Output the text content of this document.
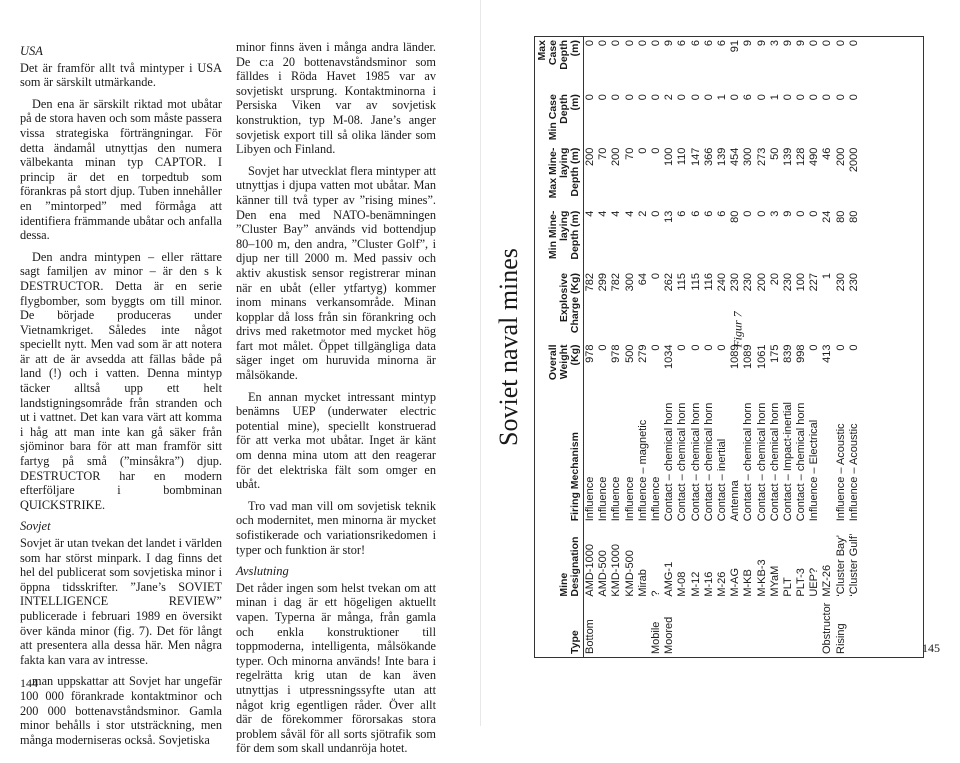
USA

Det är framför allt två mintyper i USA som är särskilt utmärkande.

Den ena är särskilt riktad mot ubåtar på de stora haven och som måste passera vissa strategiska förträngningar. För detta ändamål utnyttjas den numera välbekanta minan typ CAPTOR. I princip är det en torpedtub som förankras på stort djup. Tuben innehåller en ”mintorped” med förmåga att identifiera främmande ubåtar och anfalla dessa.

Den andra mintypen – eller rättare sagt familjen av minor – är den s k DESTRUCTOR. Detta är en serie flygbomber, som byggts om till minor. De började produceras under Vietnamkriget. Således inte något speciellt nytt. Men vad som är att notera är att de är avsedda att fällas både på land (!) och i vatten. Denna mintyp täcker alltså upp ett helt landstigningsområde från stranden och ut i vattnet. Det kan vara värt att komma i håg att man inte kan gå säker från sjöminor bara för att man framför sitt fartyg på små (”minsåkra”) djup. DESTRUCTOR har en modern efterföljare i bombminan QUICKSTRIKE.

Sovjet

Sovjet är utan tvekan det landet i världen som har störst minpark. I dag finns det hel del publicerat som sovjetiska minor i öppna tidsskrifter. ”Jane’s SOVIET INTELLIGENCE REVIEW” publicerade i februari 1989 en översikt över kända minor (fig. 7). Det för långt att presentera alla dessa här. Men några fakta kan vara av intresse.

man uppskattar att Sovjet har ungefär 100 000 förankrade kontaktminor och 200 000 bottenavståndsminor. Gamla minor behålls i stor utsträckning, men många moderniseras också. Sovjetiska

144

minor finns även i många andra länder. De c:a 20 bottenavståndsminor som fälldes i Röda Havet 1985 var av sovjetiskt ursprung. Kontaktminorna i Persiska Viken var av sovjetisk konstruktion, typ M-08. Jane’s anger sovjetisk export till så olika länder som Libyen och Finland.

Sovjet har utvecklat flera mintyper att utnyttjas i djupa vatten mot ubåtar. Man känner till två typer av ”rising mines”. Den ena med NATO-benämningen ”Cluster Bay” används vid bottendjup 80–100 m, den andra, ”Cluster Golf”, i djup ner till 2000 m. Med passiv och aktiv akustisk sensor registrerar minan när en ubåt (eller ytfartyg) kommer inom minans verkansområde. Minan kopplar då loss från sin förankring och drivs med raketmotor med mycket hög fart mot målet. Öppet tillgängliga data säger inget om huruvida minorna är målsökande.

En annan mycket intressant mintyp benämns UEP (underwater electric potential mine), speciellt konstruerad för att verka mot ubåtar. Inget är känt om denna mina utom att den reagerar för det elektriska fält som omger en ubåt.

Tro vad man vill om sovjetisk teknik och modernitet, men minorna är mycket sofistikerade och variationsrikedomen i typer och funktion är stor!

Avslutning

Det råder ingen som helst tvekan om att minan i dag är ett högeligen aktuellt vapen. Typerna är många, från gamla och enkla konstruktioner till toppmoderna, intelligenta, målsökande typer. Och minorna används! Inte bara i regelrätta krig utan de kan även utnyttjas i utpressningssyfte utan att något krig egentligen råder. Över allt där de förekommer förorsakas stora problem såväl för all sorts sjötrafik som för dem som skall undanröja hotet.

Soviet naval mines
Type	Mine Designation	Firing Mechanism	Overall Weight (Kg)	Explosive Charge (Kg)	Min Mine-laying Depth (m)	Max Mine-laying Depth (m)	Min Case Depth (m)	Max Case Depth (m)
Bottom	AMD-1000	Influence	978	782	4	200	0	0
	AMD-500	Influence	0	299	4	70	0	0
	KMD-1000	Influence	978	782	4	200	0	0
	KMD-500	Influence	500	300	4	70	0	0
	Mirab	Influence – magnetic	279	64	2	0	0	0
Mobile	?	Influence	0	0	0	0	0	0
Moored	AMG-1	Contact – chemical horn	1034	262	13	100	2	9
	M-08	Contact – chemical horn	0	115	6	110	0	6
	M-12	Contact – chemical horn	0	115	6	147	0	6
	M-16	Contact – chemical horn	0	116	6	366	0	6
	M-26	Contact – inertial	0	240	6	139	1	6
	M-AG	Antenna	1089	230	80	454	0	91
	M-KB	Contact – chemical horn	1089	230	0	300	6	9
	M-KB-3	Contact – chemical horn	1061	200	0	273	0	9
	MYaM	Contact – chemical horn	175	20	3	50	1	3
	PLT	Contact – Impact-inertial	839	230	9	139	0	9
	PLT-3	Contact – chemical horn	998	100	0	128	0	9
	UEP?	Influence – Electrical	0	227	0	490	0	0
Obstructor	MZ-26		413	1	24	46	0	0
Rising	‘Cluster Bay’	Influence – Acoustic	0	230	80	200	0	0
	‘Cluster Gulf’	Influence – Acoustic	0	230	80	2000	0	0
Figur 7
145
